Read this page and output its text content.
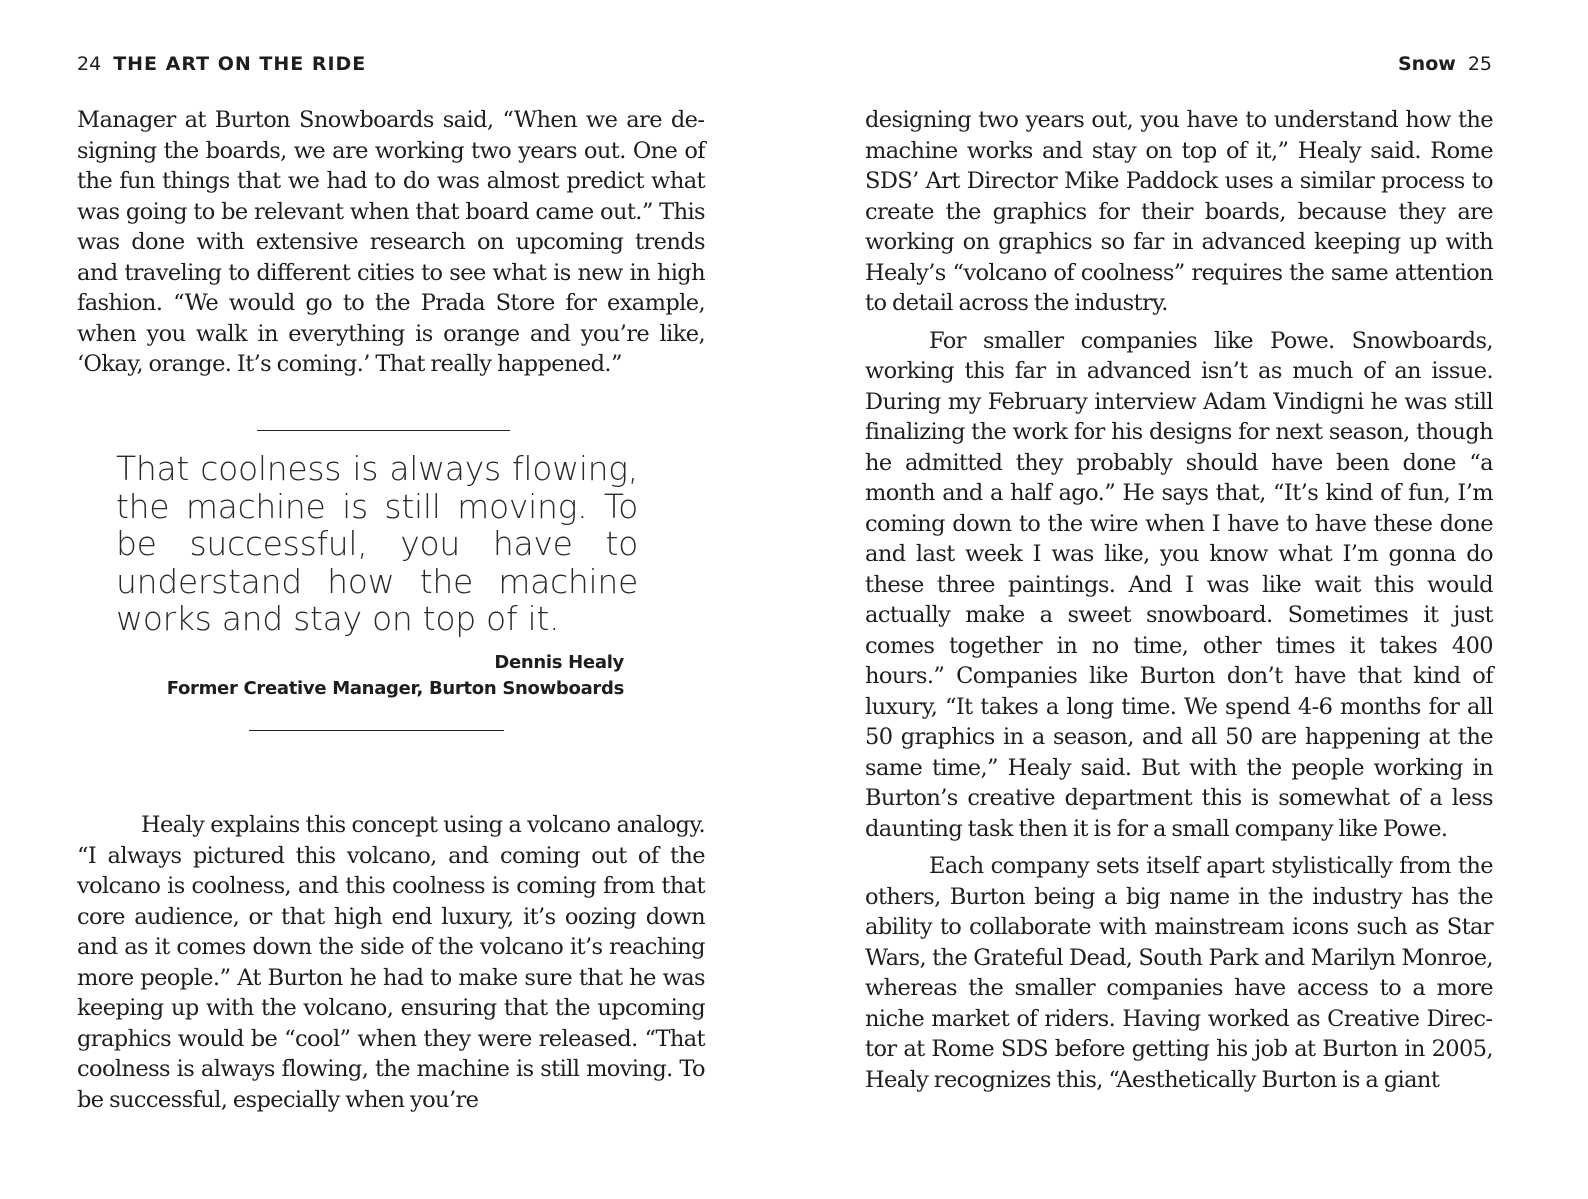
24 THE ART ON THE RIDE

Manager at Burton Snowboards said, “When we are designing the boards, we are working two years out. One of the fun things that we had to do was almost predict what was going to be relevant when that board came out.” This was done with extensive research on upcoming trends and traveling to different cities to see what is new in high fashion. “We would go to the Prada Store for example, when you walk in everything is orange and you’re like, ‘Okay, orange. It’s coming.’ That really happened.”

That coolness is always flowing, the machine is still moving. To be successful, you have to understand how the machine works and stay on top of it.

Dennis Healy
Former Creative Manager, Burton Snowboards

Healy explains this concept using a volcano analogy. “I always pictured this volcano, and coming out of the volcano is coolness, and this coolness is coming from that core audience, or that high end luxury, it’s oozing down and as it comes down the side of the volcano it’s reaching more people.” At Burton he had to make sure that he was keeping up with the volcano, ensuring that the upcoming graphics would be “cool” when they were released. “That coolness is always flowing, the machine is still moving. To be successful, especially when you’re

Snow 25

designing two years out, you have to understand how the machine works and stay on top of it,” Healy said. Rome SDS’ Art Director Mike Paddock uses a similar process to create the graphics for their boards, because they are working on graphics so far in advanced keeping up with Healy’s “volcano of coolness” requires the same attention to detail across the industry.

For smaller companies like Powe. Snowboards, working this far in advanced isn’t as much of an issue. During my February interview Adam Vindigni he was still finalizing the work for his designs for next season, though he admitted they probably should have been done “a month and a half ago.” He says that, “It’s kind of fun, I’m coming down to the wire when I have to have these done and last week I was like, you know what I’m gonna do these three paintings. And I was like wait this would actually make a sweet snowboard. Sometimes it just comes together in no time, other times it takes 400 hours.” Companies like Burton don’t have that kind of luxury, “It takes a long time. We spend 4-6 months for all 50 graphics in a season, and all 50 are happening at the same time,” Healy said. But with the people working in Burton’s creative department this is somewhat of a less daunting task then it is for a small company like Powe.

Each company sets itself apart stylistically from the others, Burton being a big name in the industry has the ability to collaborate with mainstream icons such as Star Wars, the Grateful Dead, South Park and Marilyn Monroe, whereas the smaller companies have access to a more niche market of riders. Having worked as Creative Director at Rome SDS before getting his job at Burton in 2005, Healy recognizes this, “Aesthetically Burton is a giant
